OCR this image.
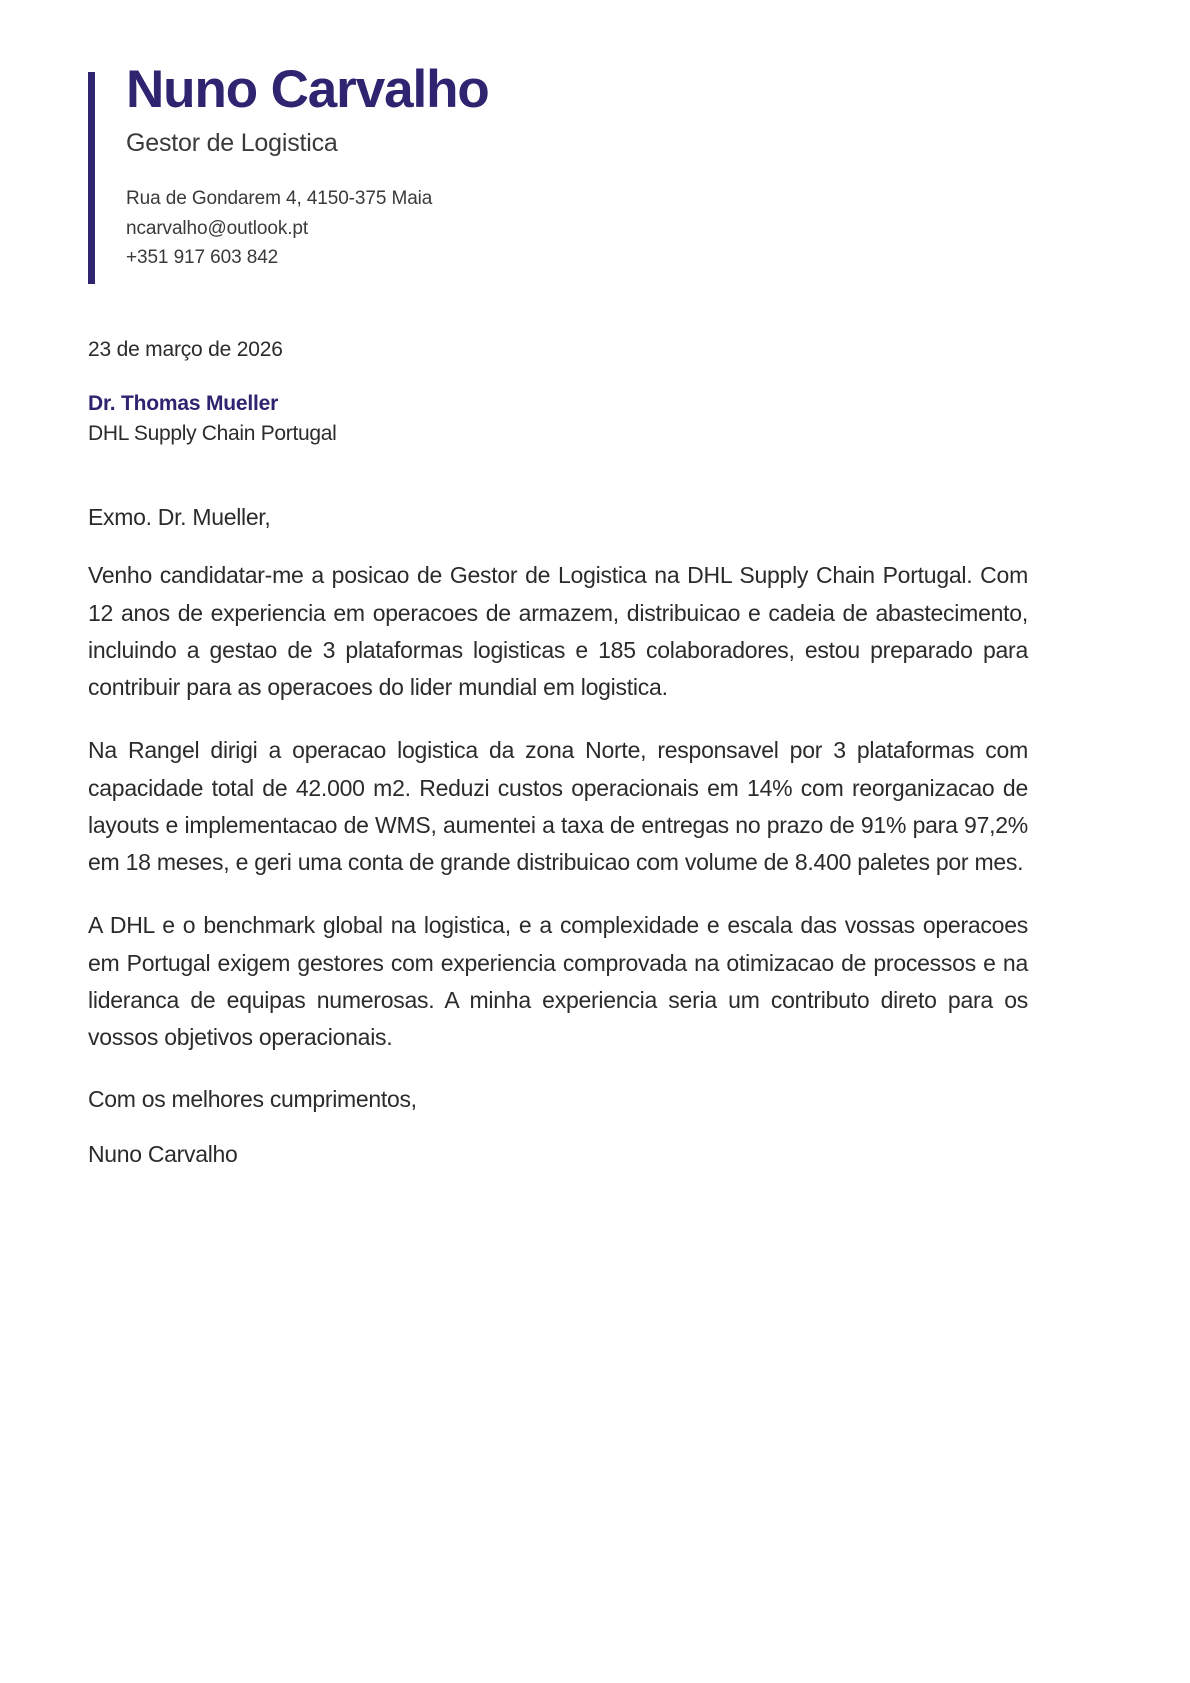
Nuno Carvalho
Gestor de Logistica
Rua de Gondarem 4, 4150-375 Maia
ncarvalho@outlook.pt
+351 917 603 842
23 de março de 2026
Dr. Thomas Mueller
DHL Supply Chain Portugal
Exmo. Dr. Mueller,

Venho candidatar-me a posicao de Gestor de Logistica na DHL Supply Chain Portugal. Com 12 anos de experiencia em operacoes de armazem, distribuicao e cadeia de abastecimento, incluindo a gestao de 3 plataformas logisticas e 185 colaboradores, estou preparado para contribuir para as operacoes do lider mundial em logistica.

Na Rangel dirigi a operacao logistica da zona Norte, responsavel por 3 plataformas com capacidade total de 42.000 m2. Reduzi custos operacionais em 14% com reorganizacao de layouts e implementacao de WMS, aumentei a taxa de entregas no prazo de 91% para 97,2% em 18 meses, e geri uma conta de grande distribuicao com volume de 8.400 paletes por mes.

A DHL e o benchmark global na logistica, e a complexidade e escala das vossas operacoes em Portugal exigem gestores com experiencia comprovada na otimizacao de processos e na lideranca de equipas numerosas. A minha experiencia seria um contributo direto para os vossos objetivos operacionais.

Com os melhores cumprimentos,
Nuno Carvalho
